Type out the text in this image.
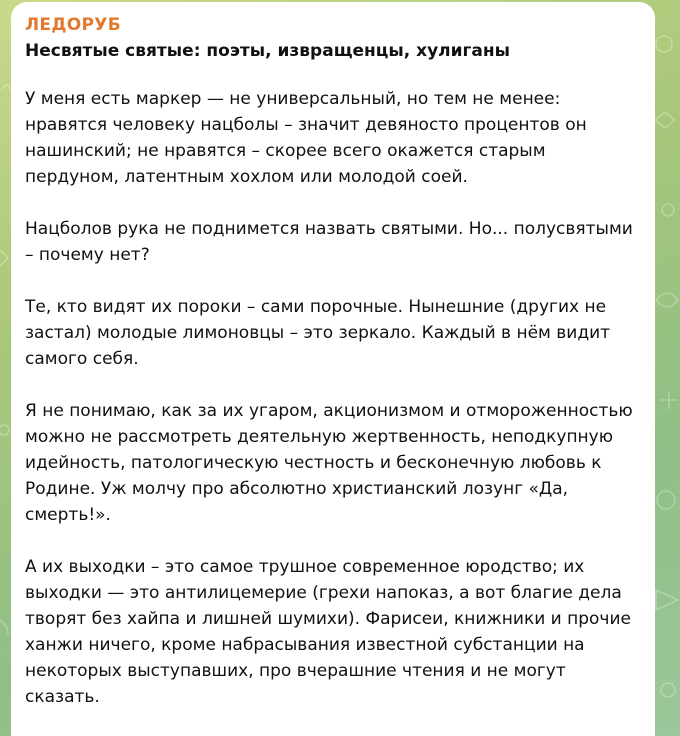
ЛЕДОРУБ
Несвятые святые: поэты, извращенцы, хулиганы

У меня есть маркер — не универсальный, но тем не менее: нравятся человеку нацболы – значит девяносто процентов он нашинский; не нравятся – скорее всего окажется старым пердуном, латентным хохлом или молодой соей.

Нацболов рука не поднимется назвать святыми. Но... полусвятыми – почему нет?

Те, кто видят их пороки – сами порочные. Нынешние (других не застал) молодые лимоновцы – это зеркало. Каждый в нём видит самого себя.

Я не понимаю, как за их угаром, акционизмом и отмороженностью можно не рассмотреть деятельную жертвенность, неподкупную идейность, патологическую честность и бесконечную любовь к Родине. Уж молчу про абсолютно христианский лозунг «Да, смерть!».

А их выходки – это самое трушное современное юродство; их выходки — это антилицемерие (грехи напоказ, а вот благие дела творят без хайпа и лишней шумихи). Фарисеи, книжники и прочие ханжи ничего, кроме набрасывания известной субстанции на некоторых выступавших, про вчерашние чтения и не могут сказать.
